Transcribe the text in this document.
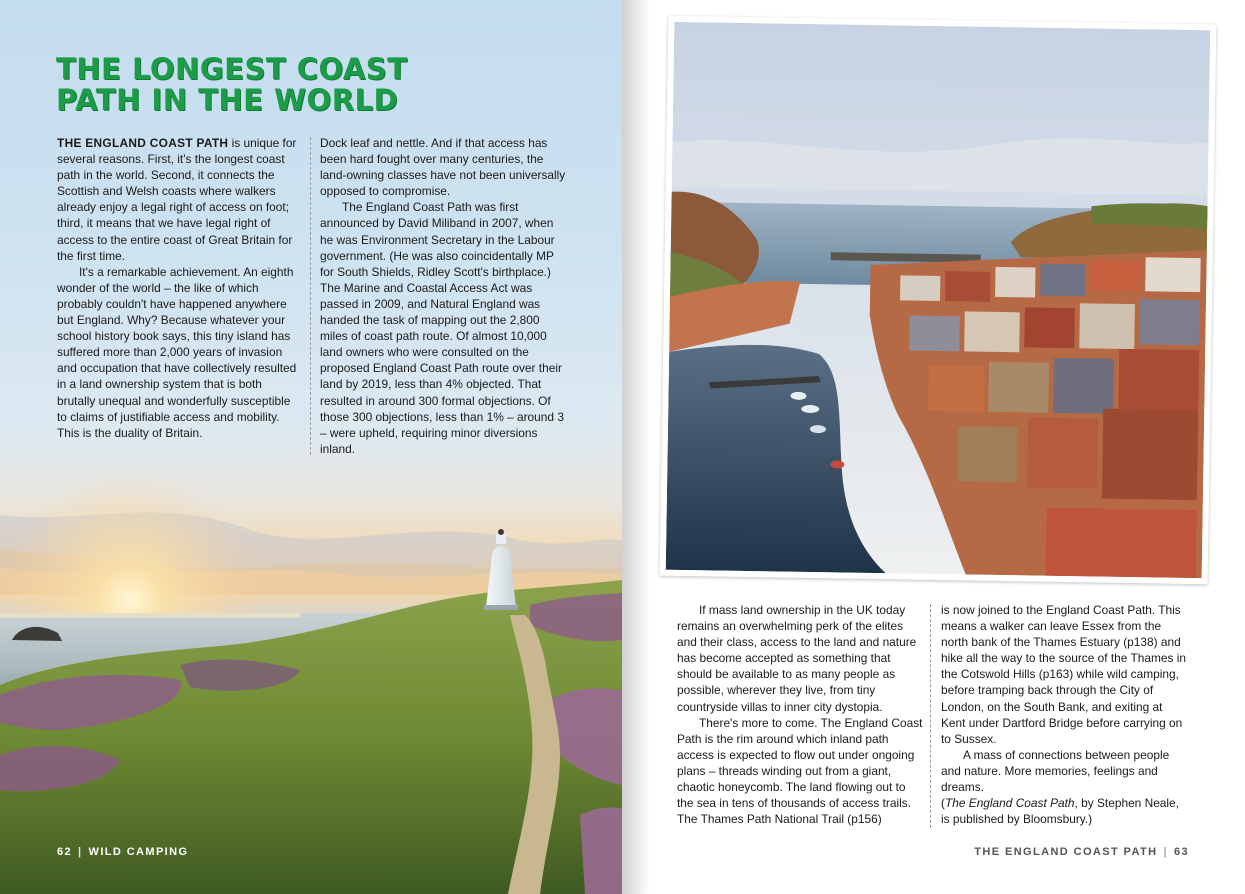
THE LONGEST COAST
PATH IN THE WORLD

THE ENGLAND COAST PATH is unique for several reasons. First, it's the longest coast path in the world. Second, it connects the Scottish and Welsh coasts where walkers already enjoy a legal right of access on foot; third, it means that we have legal right of access to the entire coast of Great Britain for the first time.

It's a remarkable achievement. An eighth wonder of the world – the like of which probably couldn't have happened anywhere but England. Why? Because whatever your school history book says, this tiny island has suffered more than 2,000 years of invasion and occupation that have collectively resulted in a land ownership system that is both brutally unequal and wonderfully susceptible to claims of justifiable access and mobility. This is the duality of Britain.

Dock leaf and nettle. And if that access has been hard fought over many centuries, the land-owning classes have not been universally opposed to compromise.

The England Coast Path was first announced by David Miliband in 2007, when he was Environment Secretary in the Labour government. (He was also coincidentally MP for South Shields, Ridley Scott's birthplace.) The Marine and Coastal Access Act was passed in 2009, and Natural England was handed the task of mapping out the 2,800 miles of coast path route. Of almost 10,000 land owners who were consulted on the proposed England Coast Path route over their land by 2019, less than 4% objected. That resulted in around 300 formal objections. Of those 300 objections, less than 1% – around 3 – were upheld, requiring minor diversions inland.

62 | WILD CAMPING

If mass land ownership in the UK today remains an overwhelming perk of the elites and their class, access to the land and nature has become accepted as something that should be available to as many people as possible, wherever they live, from tiny countryside villas to inner city dystopia.

There's more to come. The England Coast Path is the rim around which inland path access is expected to flow out under ongoing plans – threads winding out from a giant, chaotic honeycomb. The land flowing out to the sea in tens of thousands of access trails. The Thames Path National Trail (p156)

is now joined to the England Coast Path. This means a walker can leave Essex from the north bank of the Thames Estuary (p138) and hike all the way to the source of the Thames in the Cotswold Hills (p163) while wild camping, before tramping back through the City of London, on the South Bank, and exiting at Kent under Dartford Bridge before carrying on to Sussex.

A mass of connections between people and nature. More memories, feelings and dreams.

(The England Coast Path, by Stephen Neale, is published by Bloomsbury.)

THE ENGLAND COAST PATH | 63
